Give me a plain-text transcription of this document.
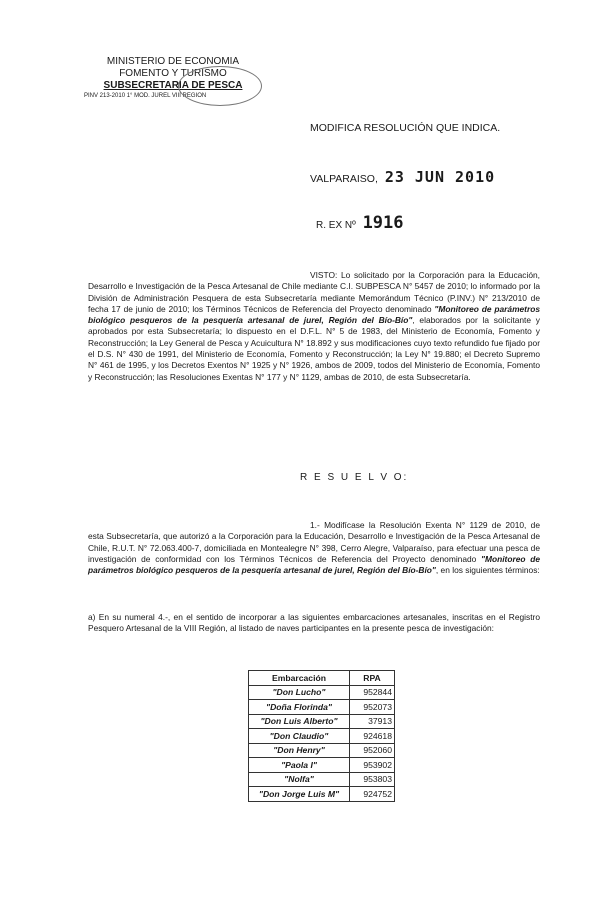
MINISTERIO DE ECONOMIA
FOMENTO Y TURISMO
SUBSECRETARIA DE PESCA
PINV 213-2010 1° MOD. JUREL VIII REGION
MODIFICA RESOLUCIÓN QUE INDICA.
VALPARAISO, 23 JUN 2010
R. EX Nº 1916
VISTO: Lo solicitado por la Corporación para la Educación, Desarrollo e Investigación de la Pesca Artesanal de Chile mediante C.I. SUBPESCA N° 5457 de 2010; lo informado por la División de Administración Pesquera de esta Subsecretaría mediante Memorándum Técnico (P.INV.) N° 213/2010 de fecha 17 de junio de 2010; los Términos Técnicos de Referencia del Proyecto denominado "Monitoreo de parámetros biológico pesqueros de la pesquería artesanal de jurel, Región del Bío-Bío", elaborados por la solicitante y aprobados por esta Subsecretaría; lo dispuesto en el D.F.L. N° 5 de 1983, del Ministerio de Economía, Fomento y Reconstrucción; la Ley General de Pesca y Acuicultura N° 18.892 y sus modificaciones cuyo texto refundido fue fijado por el D.S. N° 430 de 1991, del Ministerio de Economía, Fomento y Reconstrucción; la Ley N° 19.880; el Decreto Supremo N° 461 de 1995, y los Decretos Exentos N° 1925 y N° 1926, ambos de 2009, todos del Ministerio de Economía, Fomento y Reconstrucción; las Resoluciones Exentas N° 177 y N° 1129, ambas de 2010, de esta Subsecretaría.
R E S U E L V O:
1.- Modifícase la Resolución Exenta N° 1129 de 2010, de esta Subsecretaría, que autorizó a la Corporación para la Educación, Desarrollo e Investigación de la Pesca Artesanal de Chile, R.U.T. N° 72.063.400-7, domiciliada en Montealegre N° 398, Cerro Alegre, Valparaíso, para efectuar una pesca de investigación de conformidad con los Términos Técnicos de Referencia del Proyecto denominado "Monitoreo de parámetros biológico pesqueros de la pesquería artesanal de jurel, Región del Bío-Bío", en los siguientes términos:
a) En su numeral 4.-, en el sentido de incorporar a las siguientes embarcaciones artesanales, inscritas en el Registro Pesquero Artesanal de la VIII Región, al listado de naves participantes en la presente pesca de investigación:
Embarcación	RPA
"Don Lucho"	952844
"Doña Florinda"	952073
"Don Luis Alberto"	37913
"Don Claudio"	924618
"Don Henry"	952060
"Paola I"	953902
"Nolfa"	953803
"Don Jorge Luis M"	924752
